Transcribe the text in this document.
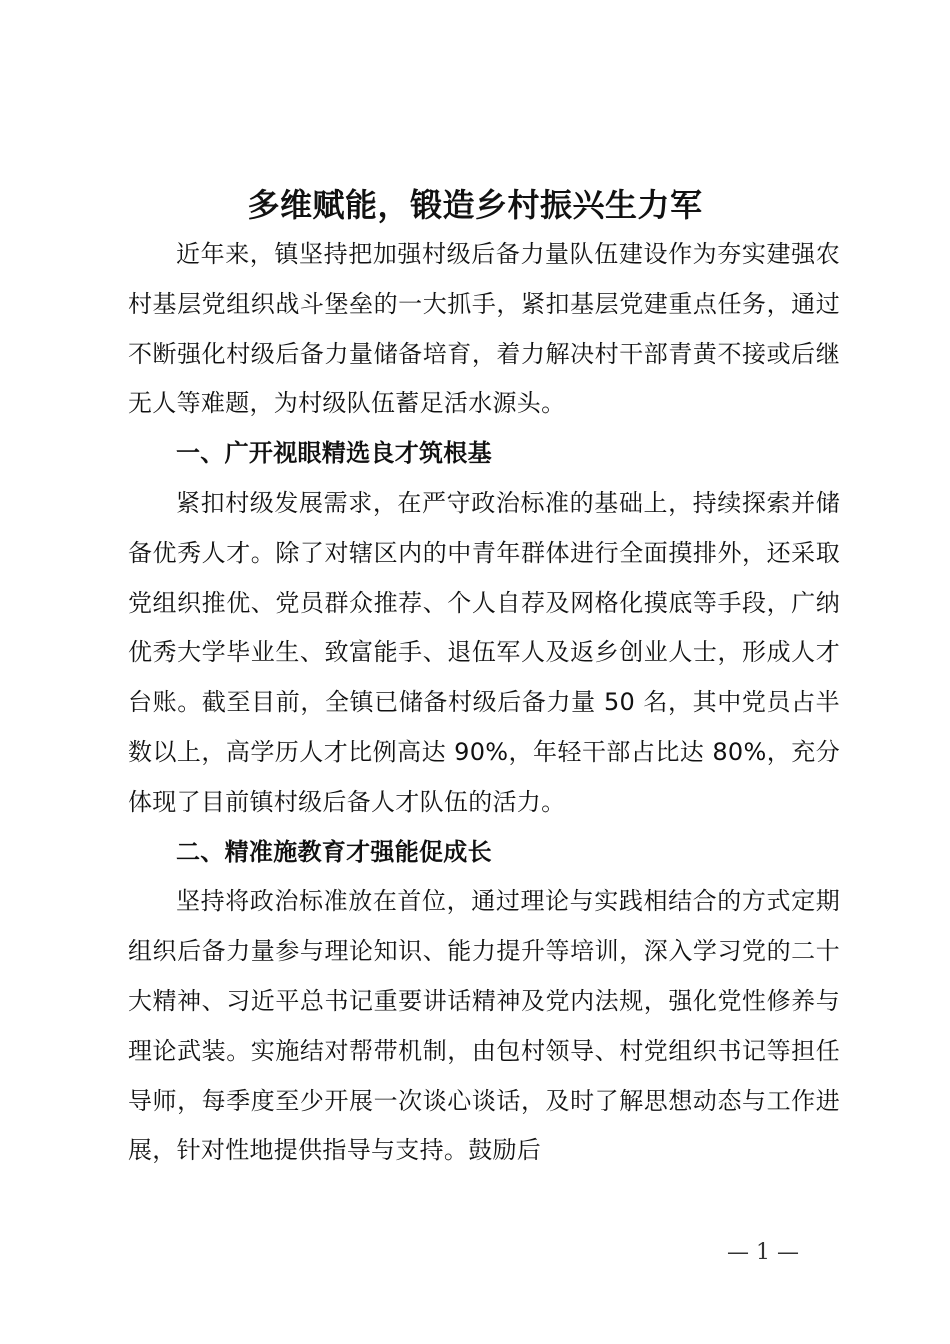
多维赋能，锻造乡村振兴生力军

近年来，镇坚持把加强村级后备力量队伍建设作为夯实建强农村基层党组织战斗堡垒的一大抓手，紧扣基层党建重点任务，通过不断强化村级后备力量储备培育，着力解决村干部青黄不接或后继无人等难题，为村级队伍蓄足活水源头。

一、广开视眼精选良才筑根基

紧扣村级发展需求，在严守政治标准的基础上，持续探索并储备优秀人才。除了对辖区内的中青年群体进行全面摸排外，还采取党组织推优、党员群众推荐、个人自荐及网格化摸底等手段，广纳优秀大学毕业生、致富能手、退伍军人及返乡创业人士，形成人才台账。截至目前，全镇已储备村级后备力量 50 名，其中党员占半数以上，高学历人才比例高达 90%，年轻干部占比达 80%，充分体现了目前镇村级后备人才队伍的活力。

二、精准施教育才强能促成长

坚持将政治标准放在首位，通过理论与实践相结合的方式定期组织后备力量参与理论知识、能力提升等培训，深入学习党的二十大精神、习近平总书记重要讲话精神及党内法规，强化党性修养与理论武装。实施结对帮带机制，由包村领导、村党组织书记等担任导师，每季度至少开展一次谈心谈话，及时了解思想动态与工作进展，针对性地提供指导与支持。鼓励后

— 1 —
